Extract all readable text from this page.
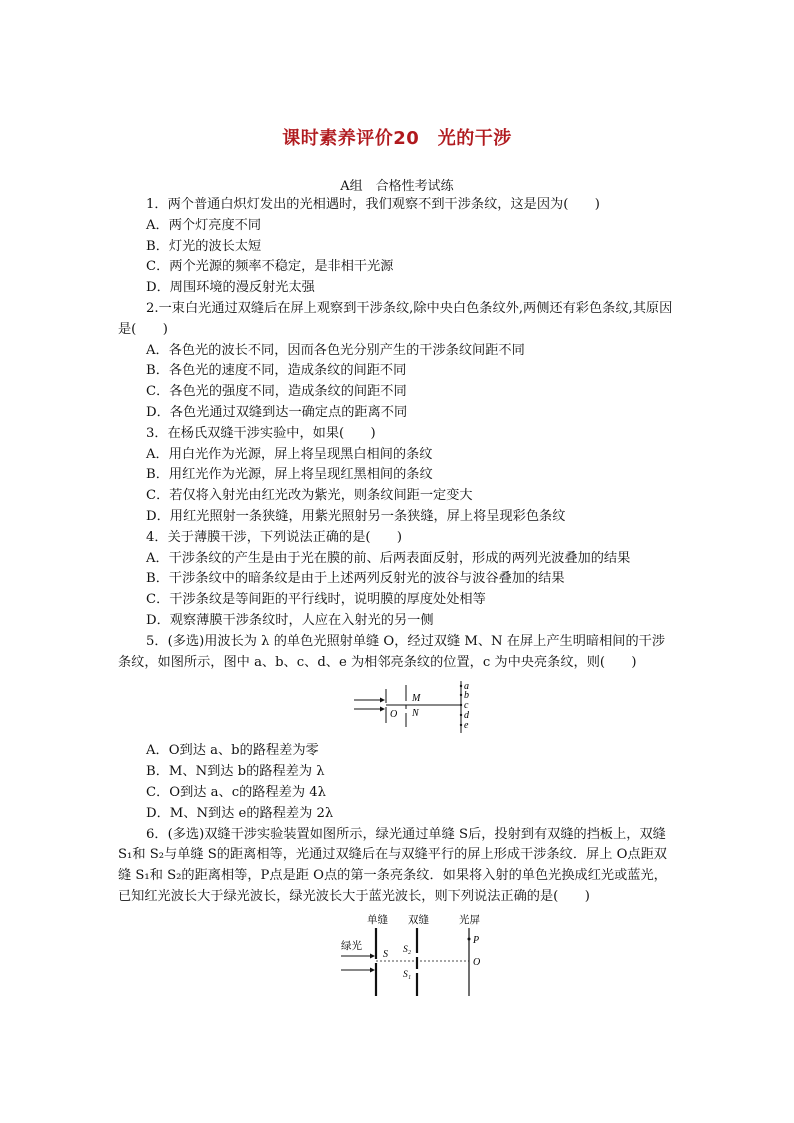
课时素养评价20　光的干涉
A组　合格性考试练
1．两个普通白炽灯发出的光相遇时，我们观察不到干涉条纹，这是因为(　　)
A．两个灯亮度不同
B．灯光的波长太短
C．两个光源的频率不稳定，是非相干光源
D．周围环境的漫反射光太强
2.一束白光通过双缝后在屏上观察到干涉条纹,除中央白色条纹外,两侧还有彩色条纹,其原因是(　　)
A．各色光的波长不同，因而各色光分别产生的干涉条纹间距不同
B．各色光的速度不同，造成条纹的间距不同
C．各色光的强度不同，造成条纹的间距不同
D．各色光通过双缝到达一确定点的距离不同
3．在杨氏双缝干涉实验中，如果(　　)
A．用白光作为光源，屏上将呈现黑白相间的条纹
B．用红光作为光源，屏上将呈现红黑相间的条纹
C．若仅将入射光由红光改为紫光，则条纹间距一定变大
D．用红光照射一条狭缝，用紫光照射另一条狭缝，屏上将呈现彩色条纹
4．关于薄膜干涉，下列说法正确的是(　　)
A．干涉条纹的产生是由于光在膜的前、后两表面反射，形成的两列光波叠加的结果
B．干涉条纹中的暗条纹是由于上述两列反射光的波谷与波谷叠加的结果
C．干涉条纹是等间距的平行线时，说明膜的厚度处处相等
D．观察薄膜干涉条纹时，人应在入射光的另一侧
5．(多选)用波长为 λ 的单色光照射单缝 O，经过双缝 M、N 在屏上产生明暗相间的干涉条纹，如图所示，图中 a、b、c、d、e 为相邻亮条纹的位置，c 为中央亮条纹，则(　　)
O
M
N
a
b
c
d
e
A．O到达 a、b的路程差为零
B．M、N到达 b的路程差为 λ
C．O到达 a、c的路程差为 4λ
D．M、N到达 e的路程差为 2λ
6．(多选)双缝干涉实验装置如图所示，绿光通过单缝 S后，投射到有双缝的挡板上，双缝 S₁和 S₂与单缝 S的距离相等，光通过双缝后在与双缝平行的屏上形成干涉条纹．屏上 O点距双缝 S₁和 S₂的距离相等，P点是距 O点的第一条亮条纹．如果将入射的单色光换成红光或蓝光，已知红光波长大于绿光波长，绿光波长大于蓝光波长，则下列说法正确的是(　　)
单缝 双缝	光屏
绿光
S S₂
S₁
P
O
